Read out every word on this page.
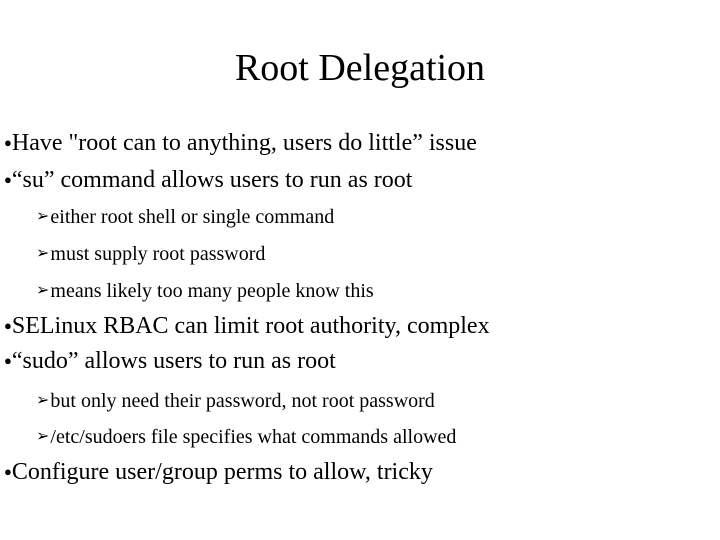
Root Delegation
●Have "root can to anything, users do little” issue
●“su” command allows users to run as root
➢either root shell or single command
➢must supply root password
➢means likely too many people know this
●SELinux RBAC can limit root authority, complex
●“sudo” allows users to run as root
➢but only need their password, not root password
➢/etc/sudoers file specifies what commands allowed
●Configure user/group perms to allow, tricky
